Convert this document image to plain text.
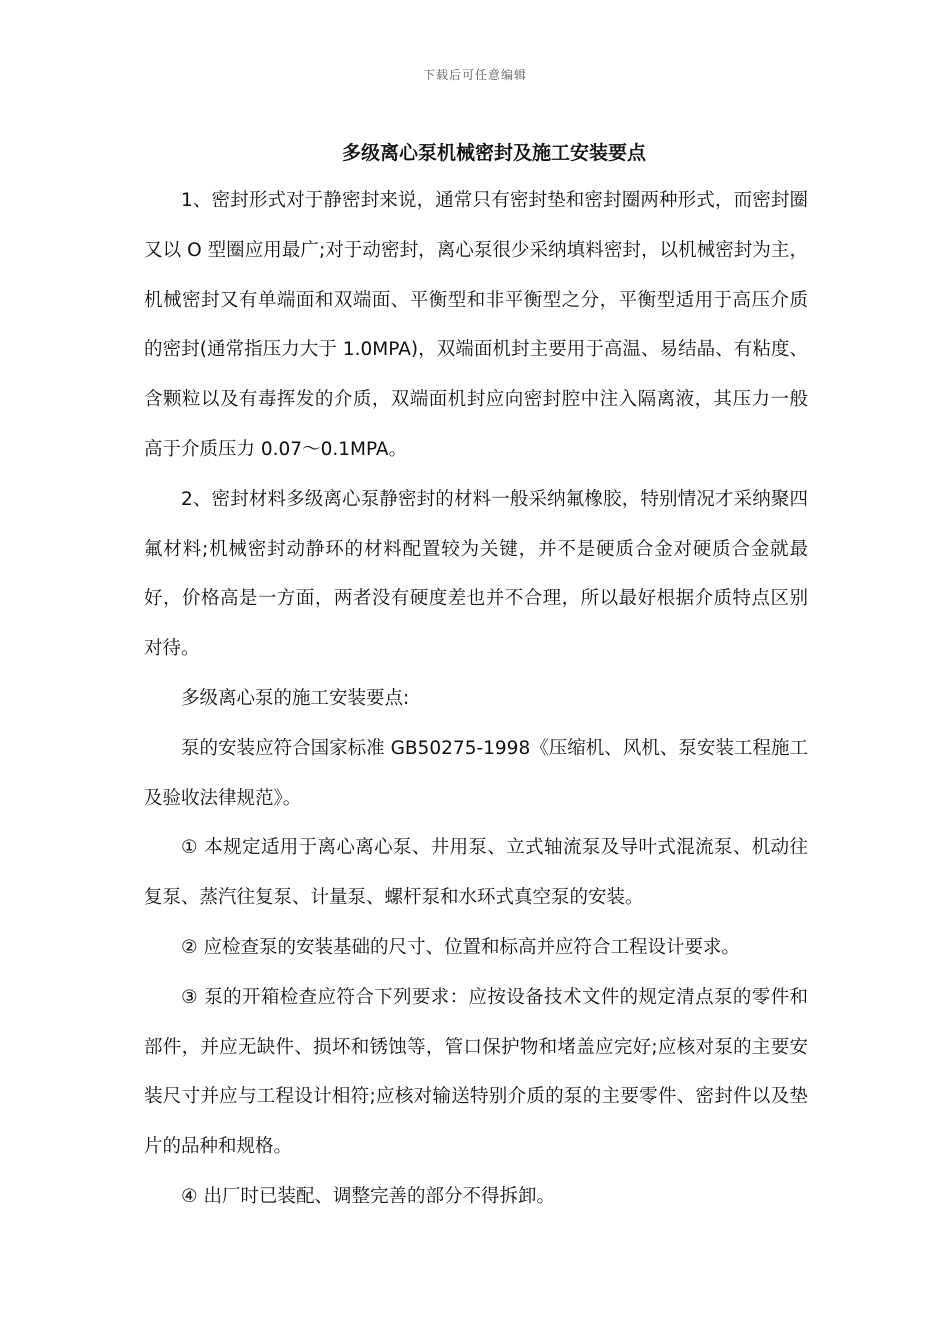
下载后可任意编辑
多级离心泵机械密封及施工安装要点

1、密封形式对于静密封来说，通常只有密封垫和密封圈两种形式，而密封圈又以 O 型圈应用最广;对于动密封，离心泵很少采纳填料密封，以机械密封为主，机械密封又有单端面和双端面、平衡型和非平衡型之分，平衡型适用于高压介质的密封(通常指压力大于 1.0MPA)，双端面机封主要用于高温、易结晶、有粘度、含颗粒以及有毒挥发的介质，双端面机封应向密封腔中注入隔离液，其压力一般高于介质压力 0.07～0.1MPA。

2、密封材料多级离心泵静密封的材料一般采纳氟橡胶，特别情况才采纳聚四氟材料;机械密封动静环的材料配置较为关键，并不是硬质合金对硬质合金就最好，价格高是一方面，两者没有硬度差也并不合理，所以最好根据介质特点区别对待。

多级离心泵的施工安装要点:

泵的安装应符合国家标准 GB50275-1998《压缩机、风机、泵安装工程施工及验收法律规范》。

① 本规定适用于离心离心泵、井用泵、立式轴流泵及导叶式混流泵、机动往复泵、蒸汽往复泵、计量泵、螺杆泵和水环式真空泵的安装。

② 应检查泵的安装基础的尺寸、位置和标高并应符合工程设计要求。

③ 泵的开箱检查应符合下列要求：应按设备技术文件的规定清点泵的零件和部件，并应无缺件、损坏和锈蚀等，管口保护物和堵盖应完好;应核对泵的主要安装尺寸并应与工程设计相符;应核对输送特别介质的泵的主要零件、密封件以及垫片的品种和规格。

④ 出厂时已装配、调整完善的部分不得拆卸。
